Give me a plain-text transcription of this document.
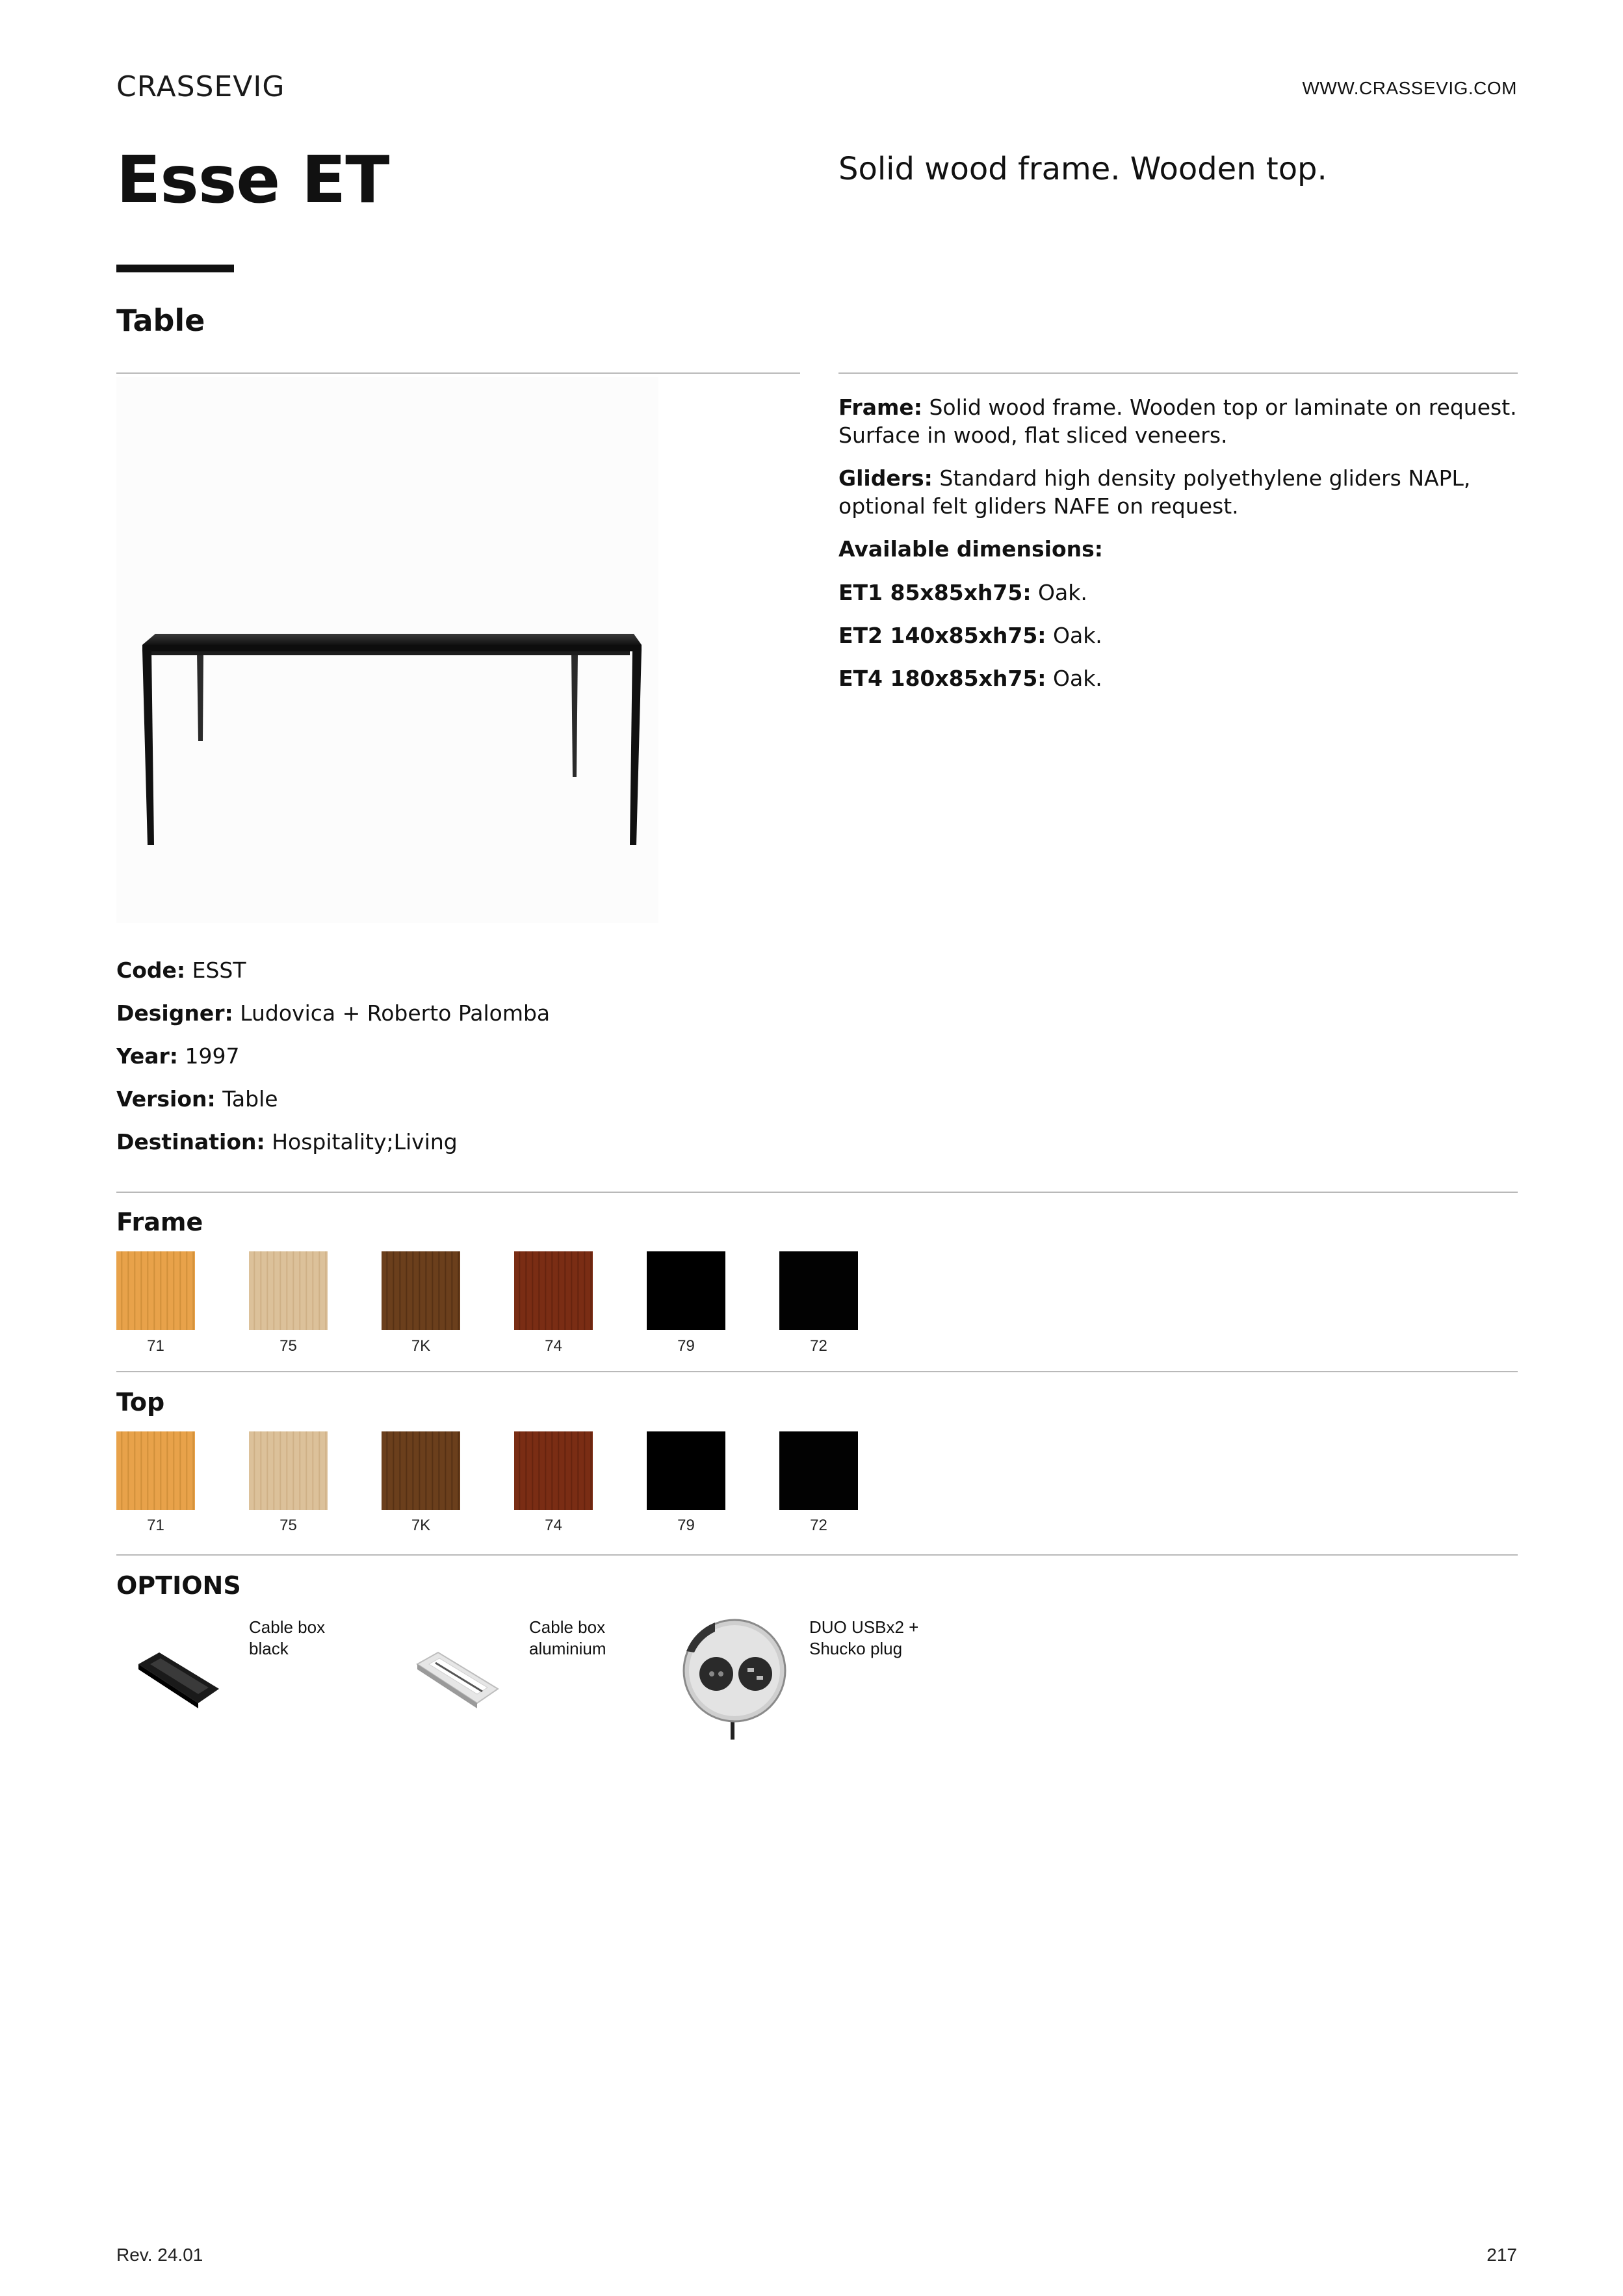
CRASSEVIG	WWW.CRASSEVIG.COM
Esse ET	Solid wood frame. Wooden top.
Table
Frame: Solid wood frame. Wooden top or laminate on request. Surface in wood, flat sliced veneers.
Gliders: Standard high density polyethylene gliders NAPL, optional felt gliders NAFE on request.
Available dimensions:
ET1 85x85xh75: Oak.
ET2 140x85xh75: Oak.
ET4 180x85xh75: Oak.
Code: ESST
Designer: Ludovica + Roberto Palomba
Year: 1997
Version: Table
Destination: Hospitality;Living
Frame
71	75	7K	74	79	72
Top
71	75	7K	74	79	72
OPTIONS
Cable box
black
Cable box
aluminium
DUO USBx2 +
Shucko plug
Rev. 24.01	217
